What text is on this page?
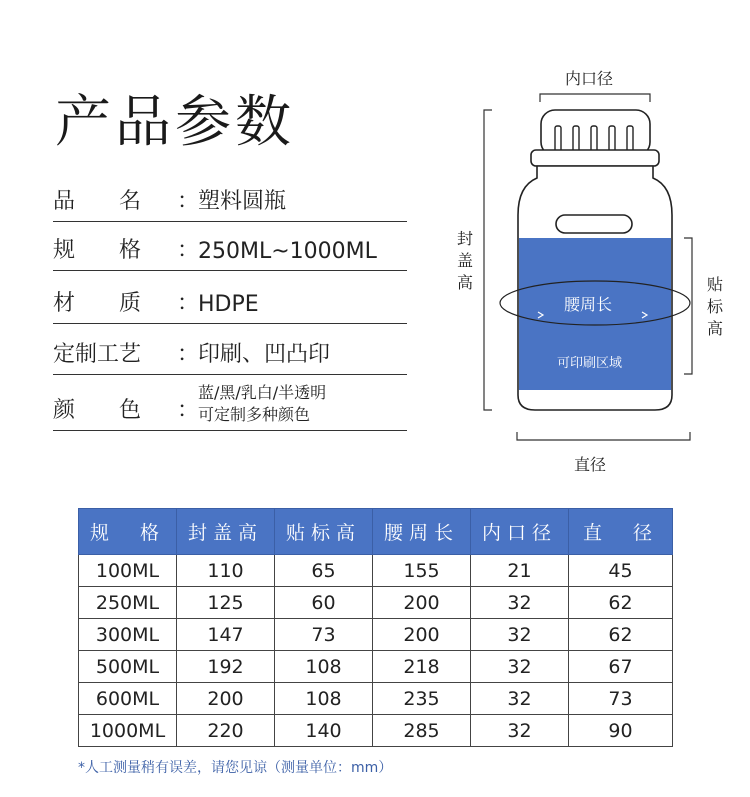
产品参数
品　　名 ：
塑料圆瓶
规　　格 ：
250ML~1000ML
材　　质 ：
HDPE
定制工艺 ：
印刷、凹凸印
颜　　色 ：
蓝/黑/乳白/半透明
可定制多种颜色
内口径
封
盖
高	贴
标
高
腰周长
可印刷区域
直径
规　格	封盖高	贴标高	腰周长	内口径	直　径
100ML	110	65	155	21	45
250ML	125	60	200	32	62
300ML	147	73	200	32	62
500ML	192	108	218	32	67
600ML	200	108	235	32	73
1000ML	220	140	285	32	90
*人工测量稍有误差，请您见谅（测量单位：mm）
